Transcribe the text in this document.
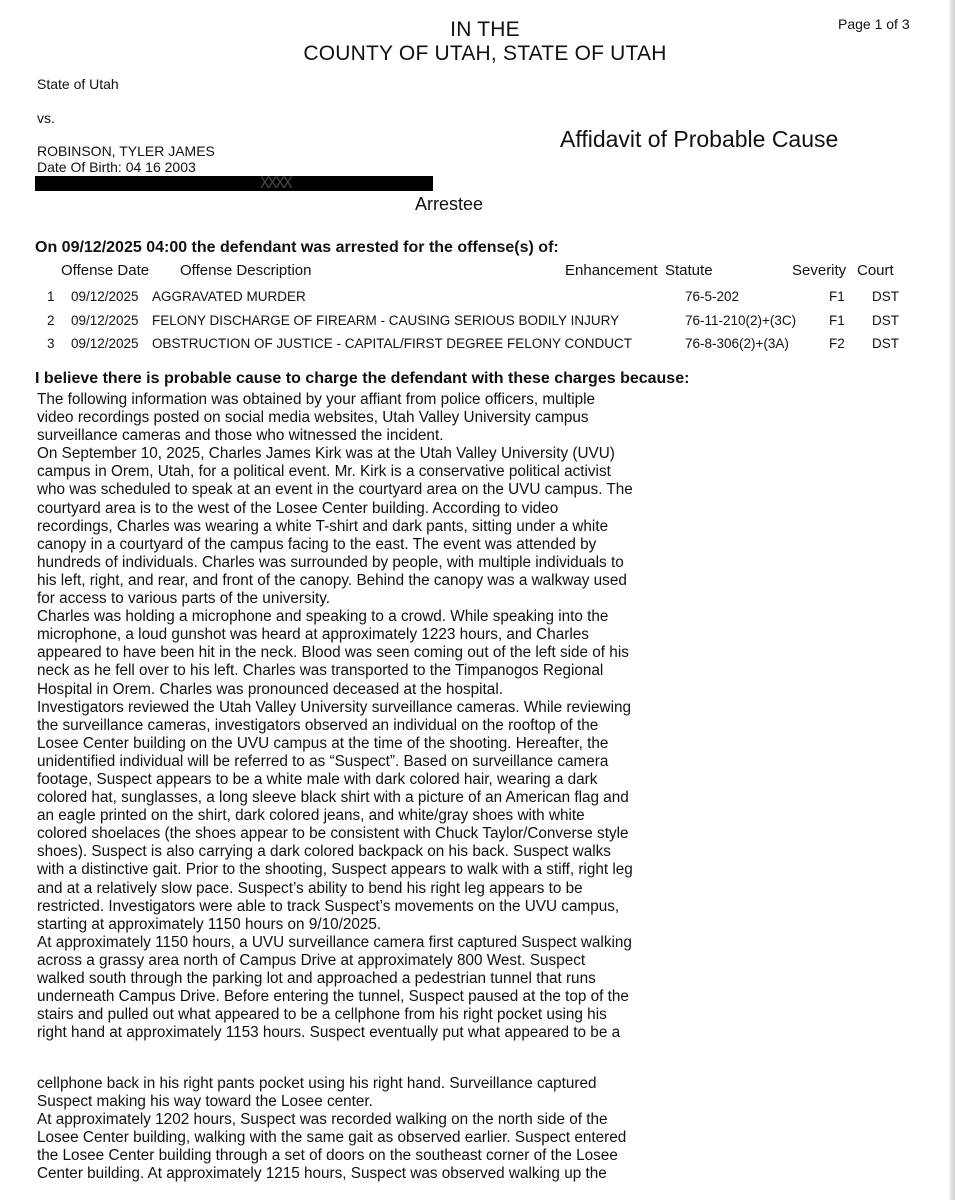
IN THE
COUNTY OF UTAH, STATE OF UTAH
Page 1 of 3
State of Utah
vs.
ROBINSON, TYLER JAMES
Date Of Birth: 04 16 2003
Affidavit of Probable Cause
XXXX
Arrestee
On 09/12/2025 04:00 the defendant was arrested for the offense(s) of:
Offense Date Offense Description	Enhancement Statute	Severity Court
1 09/12/2025 AGGRAVATED MURDER	76-5-202	F1 DST
2 09/12/2025 FELONY DISCHARGE OF FIREARM - CAUSING SERIOUS BODILY INJURY	76-11-210(2)+(3C) F1 DST
3 09/12/2025 OBSTRUCTION OF JUSTICE - CAPITAL/FIRST DEGREE FELONY CONDUCT	76-8-306(2)+(3A)	F2 DST
I believe there is probable cause to charge the defendant with these charges because:
The following information was obtained by your affiant from police officers, multiple
video recordings posted on social media websites, Utah Valley University campus
surveillance cameras and those who witnessed the incident.
On September 10, 2025, Charles James Kirk was at the Utah Valley University (UVU)
campus in Orem, Utah, for a political event. Mr. Kirk is a conservative political activist
who was scheduled to speak at an event in the courtyard area on the UVU campus. The
courtyard area is to the west of the Losee Center building. According to video
recordings, Charles was wearing a white T-shirt and dark pants, sitting under a white
canopy in a courtyard of the campus facing to the east. The event was attended by
hundreds of individuals. Charles was surrounded by people, with multiple individuals to
his left, right, and rear, and front of the canopy. Behind the canopy was a walkway used
for access to various parts of the university.
Charles was holding a microphone and speaking to a crowd. While speaking into the
microphone, a loud gunshot was heard at approximately 1223 hours, and Charles
appeared to have been hit in the neck. Blood was seen coming out of the left side of his
neck as he fell over to his left. Charles was transported to the Timpanogos Regional
Hospital in Orem. Charles was pronounced deceased at the hospital.
Investigators reviewed the Utah Valley University surveillance cameras. While reviewing
the surveillance cameras, investigators observed an individual on the rooftop of the
Losee Center building on the UVU campus at the time of the shooting. Hereafter, the
unidentified individual will be referred to as “Suspect”. Based on surveillance camera
footage, Suspect appears to be a white male with dark colored hair, wearing a dark
colored hat, sunglasses, a long sleeve black shirt with a picture of an American flag and
an eagle printed on the shirt, dark colored jeans, and white/gray shoes with white
colored shoelaces (the shoes appear to be consistent with Chuck Taylor/Converse style
shoes). Suspect is also carrying a dark colored backpack on his back. Suspect walks
with a distinctive gait. Prior to the shooting, Suspect appears to walk with a stiff, right leg
and at a relatively slow pace. Suspect’s ability to bend his right leg appears to be
restricted. Investigators were able to track Suspect’s movements on the UVU campus,
starting at approximately 1150 hours on 9/10/2025.
At approximately 1150 hours, a UVU surveillance camera first captured Suspect walking
across a grassy area north of Campus Drive at approximately 800 West. Suspect
walked south through the parking lot and approached a pedestrian tunnel that runs
underneath Campus Drive. Before entering the tunnel, Suspect paused at the top of the
stairs and pulled out what appeared to be a cellphone from his right pocket using his
right hand at approximately 1153 hours. Suspect eventually put what appeared to be a
cellphone back in his right pants pocket using his right hand. Surveillance captured
Suspect making his way toward the Losee center.
At approximately 1202 hours, Suspect was recorded walking on the north side of the
Losee Center building, walking with the same gait as observed earlier. Suspect entered
the Losee Center building through a set of doors on the southeast corner of the Losee
Center building. At approximately 1215 hours, Suspect was observed walking up the
